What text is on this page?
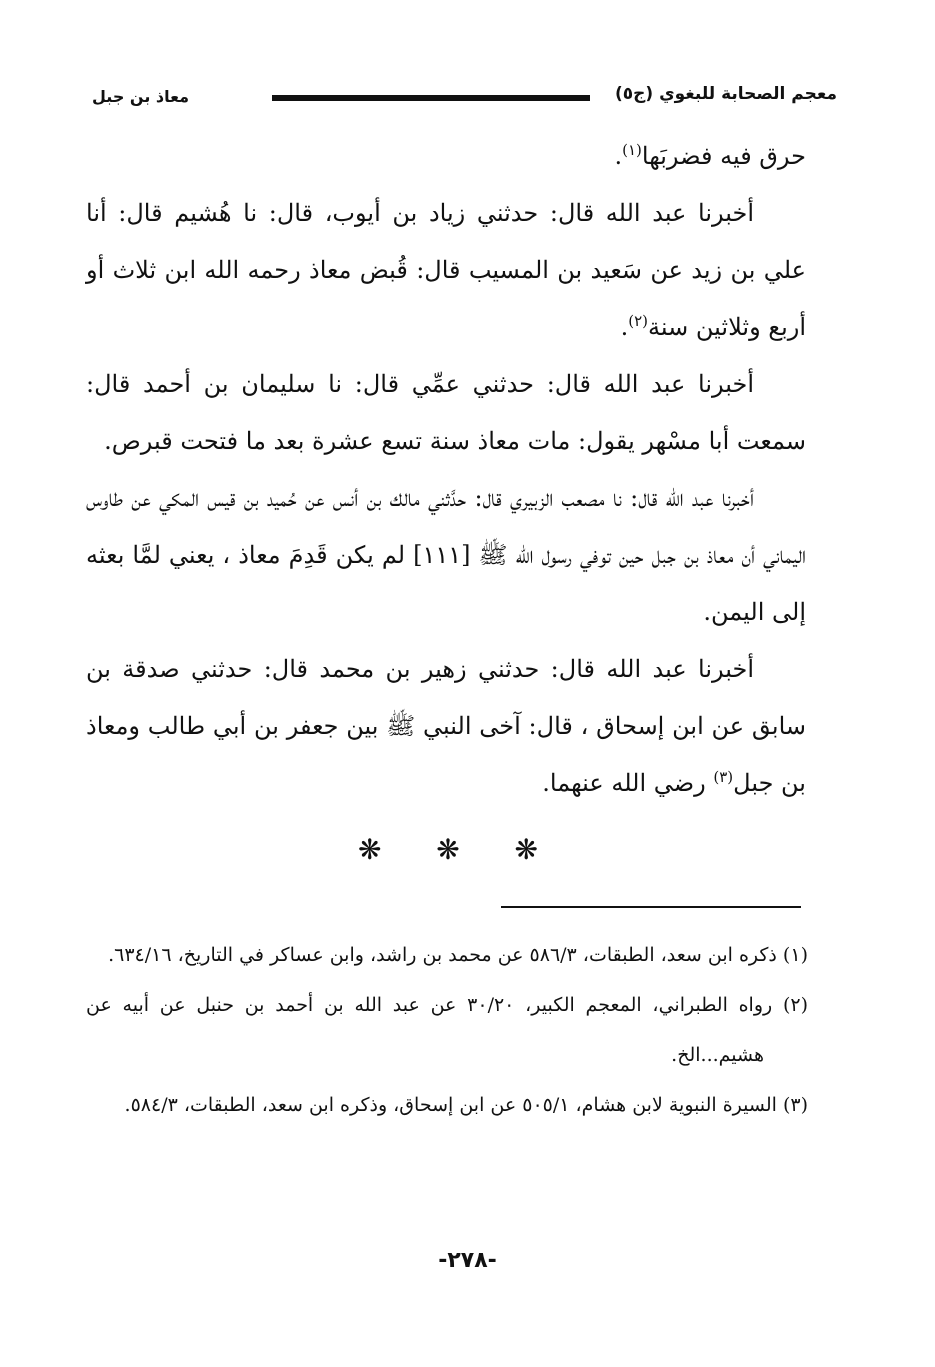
معجم الصحابة للبغوي (ج٥)
معاذ بن جبل

حرق فيه فضربَها$^{(١)}$.

أخبرنا عبد الله قال: حدثني زياد بن أيوب، قال: نا هُشيم قال: أنا علي بن زيد عن سَعيد بن المسيب قال: قُبض معاذ رحمه الله ابن ثلاث أو أربع وثلاثين سنة$^{(٢)}$.

أخبرنا عبد الله قال: حدثني عمِّي قال: نا سليمان بن أحمد قال: سمعت أبا مسْهر يقول: مات معاذ سنة تسع عشرة بعد ما فتحت قبرص.

أخبرنا عبد الله قال: نا مصعب الزبيري قال: حدَّثني مالك بن أنس عن حُميد بن قيس المكي عن طاوس اليماني أن معاذ بن جبل حين توفي رسول الله ﷺ [١١١] لم يكن قَدِمَ معاذ ، يعني لمَّا بعثه إلى اليمن.

أخبرنا عبد الله قال: حدثني زهير بن محمد قال: حدثني صدقة بن سابق عن ابن إسحاق ، قال: آخى النبي ﷺ بين جعفر بن أبي طالب ومعاذ بن جبل$^{(٣)}$ رضي الله عنهما.

❋ ❋ ❋

(١) ذكره ابن سعد، الطبقات، ٥٨٦/٣ عن محمد بن راشد، وابن عساكر في التاريخ، ٦٣٤/١٦.

(٢) رواه الطبراني، المعجم الكبير، ٣٠/٢٠ عن عبد الله بن أحمد بن حنبل عن أبيه عن هشيم...الخ.

(٣) السيرة النبوية لابن هشام، ٥٠٥/١ عن ابن إسحاق، وذكره ابن سعد، الطبقات، ٥٨٤/٣.

-٢٧٨-
